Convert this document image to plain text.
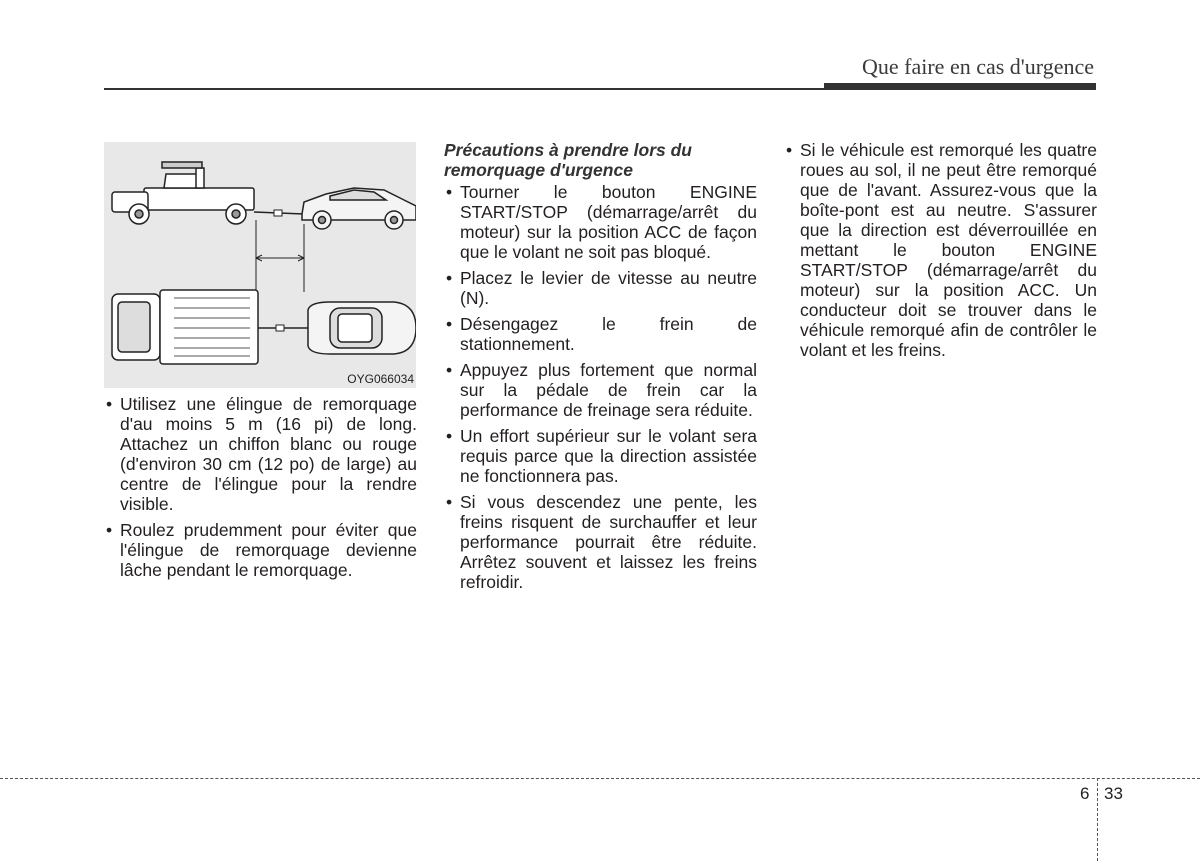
Que faire en cas d'urgence
OYG066034
• Utilisez une élingue de remorquage d'au moins 5 m (16 pi) de long. Attachez un chiffon blanc ou rouge (d'environ 30 cm (12 po) de large) au centre de l'élingue pour la rendre visible.
• Roulez prudemment pour éviter que l'élingue de remorquage devienne lâche pendant le remorquage.

Précautions à prendre lors du remorquage d'urgence

• Tourner le bouton ENGINE START/STOP (démarrage/arrêt du moteur) sur la position ACC de façon que le volant ne soit pas bloqué.
• Placez le levier de vitesse au neutre (N).
• Désengagez le frein de stationnement.
• Appuyez plus fortement que normal sur la pédale de frein car la performance de freinage sera réduite.
• Un effort supérieur sur le volant sera requis parce que la direction assistée ne fonctionnera pas.
• Si vous descendez une pente, les freins risquent de surchauffer et leur performance pourrait être réduite. Arrêtez souvent et laissez les freins refroidir.
• Si le véhicule est remorqué les quatre roues au sol, il ne peut être remorqué que de l'avant. Assurez-vous que la boîte-pont est au neutre. S'assurer que la direction est déverrouillée en mettant le bouton ENGINE START/STOP (démarrage/arrêt du moteur) sur la position ACC. Un conducteur doit se trouver dans le véhicule remorqué afin de contrôler le volant et les freins.
6 33
